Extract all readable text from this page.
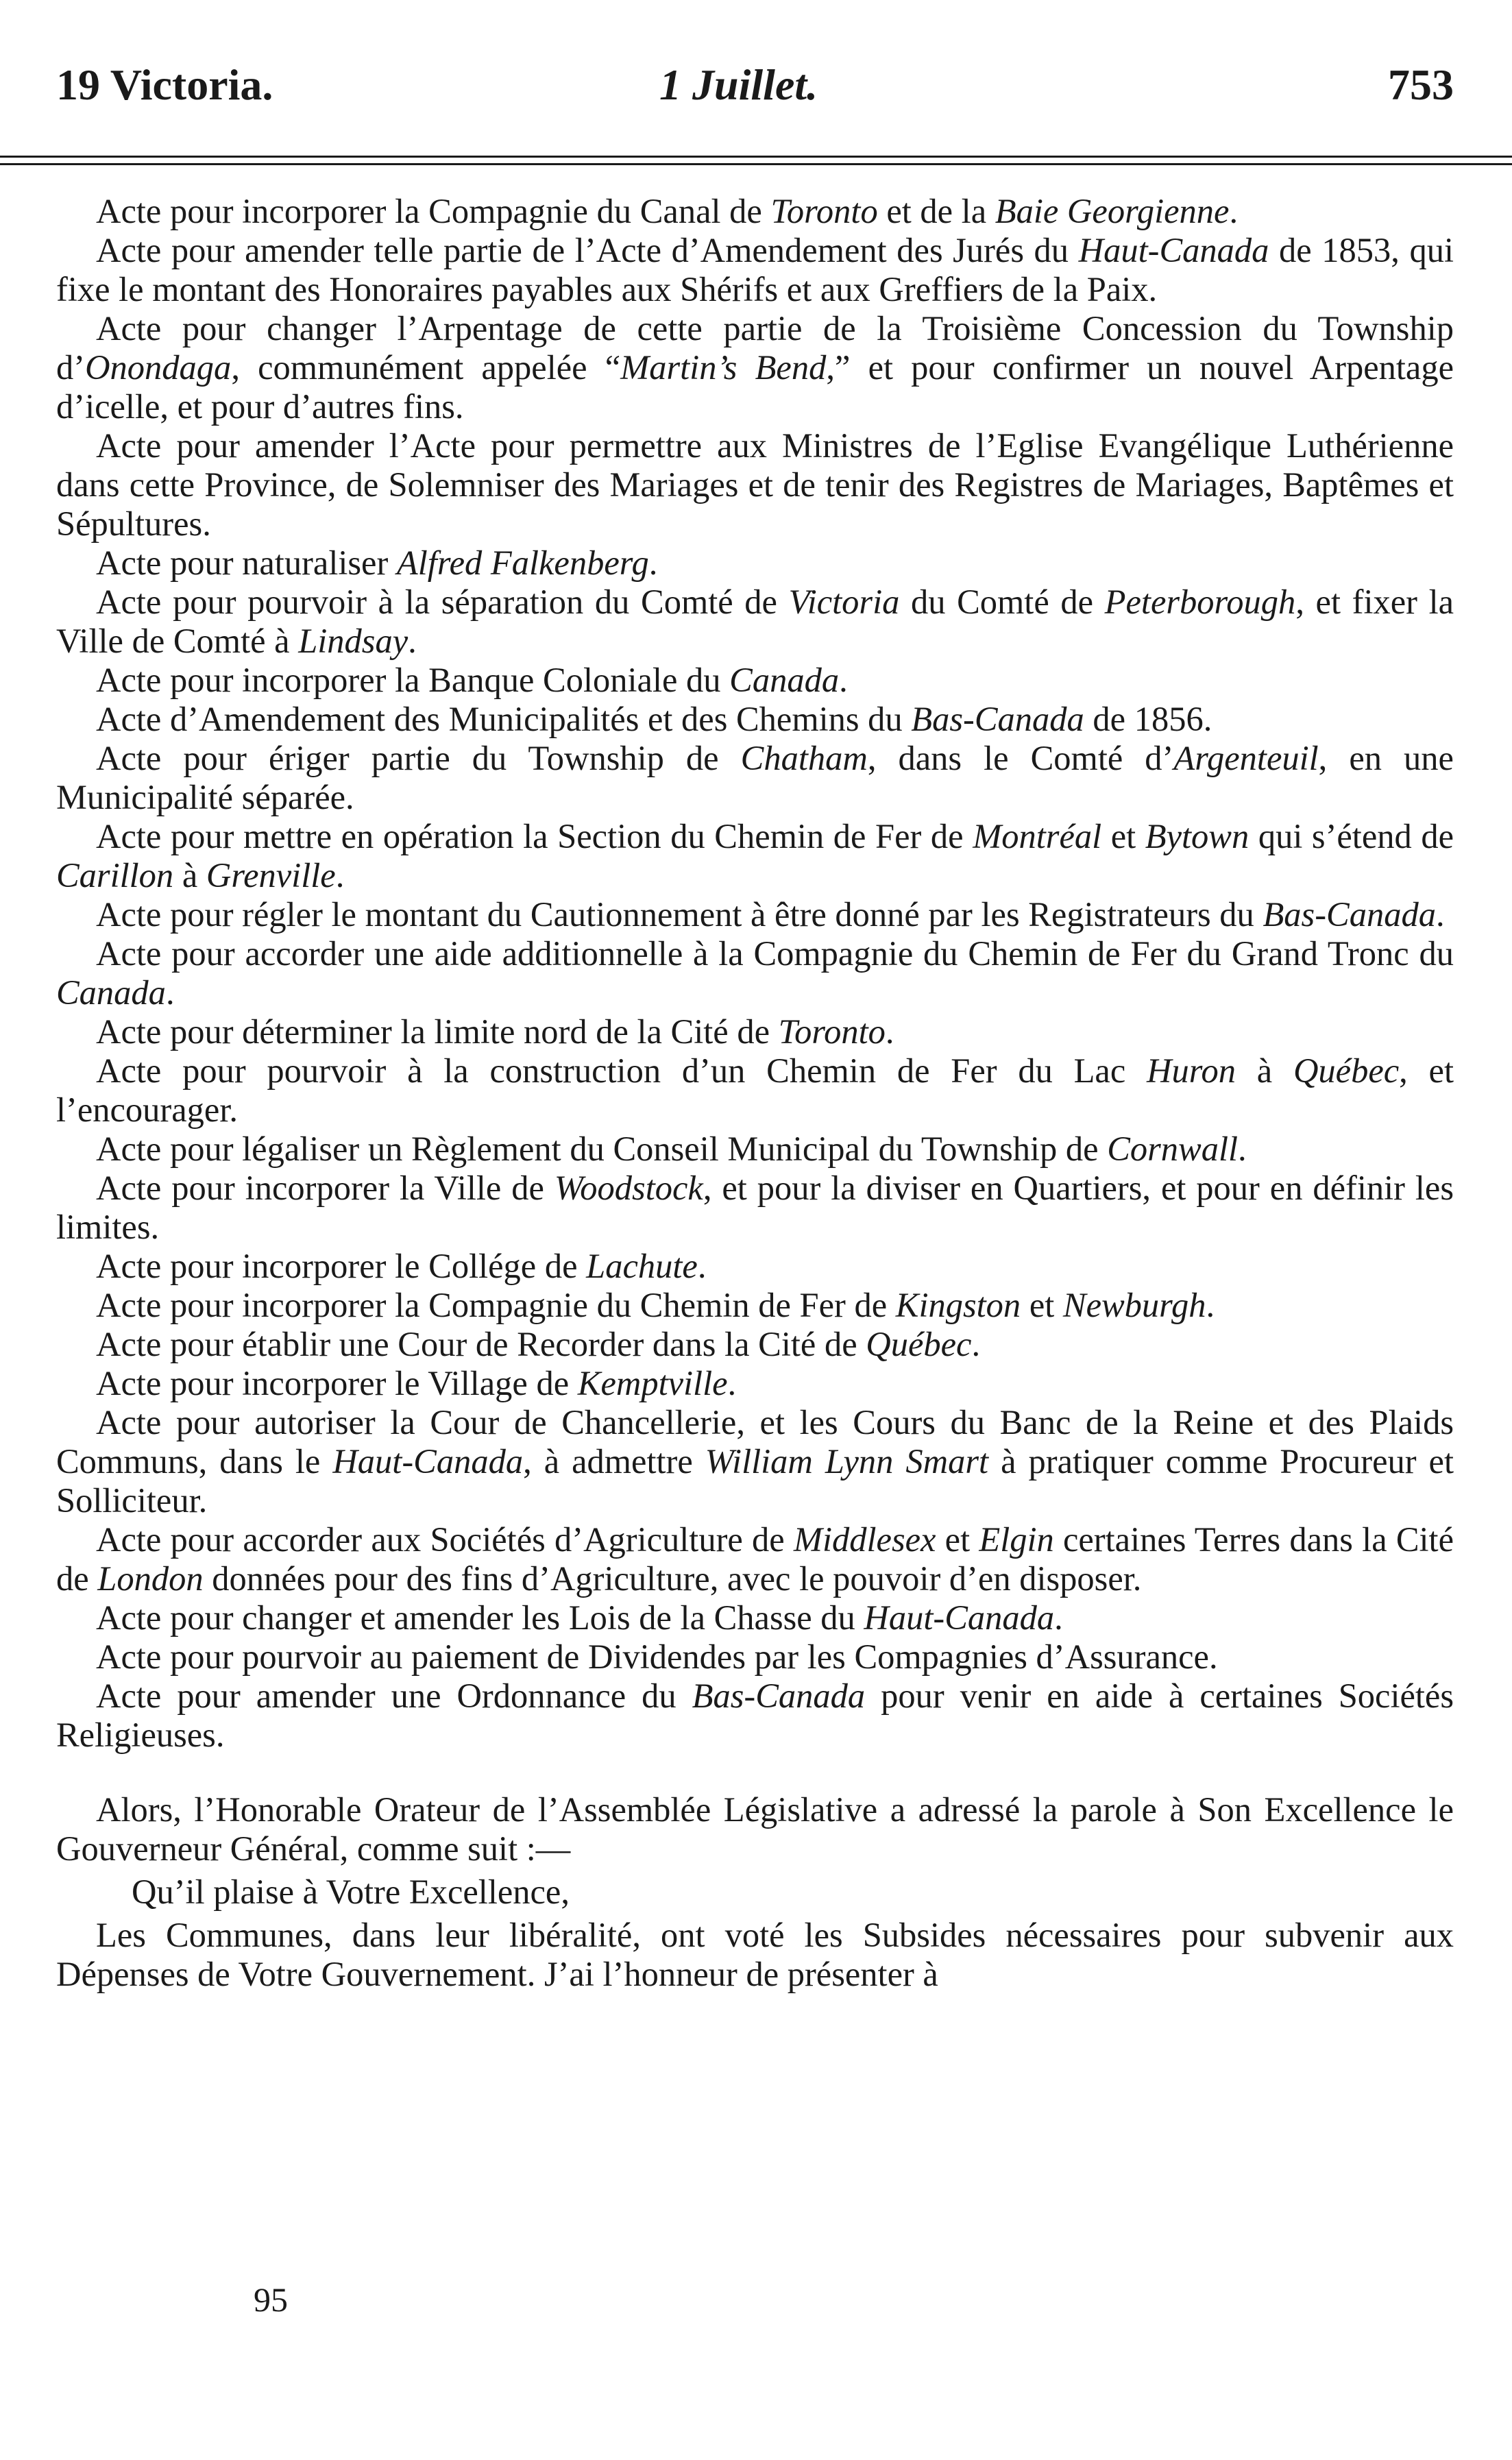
19 Victoria.	1 Juillet.	753

Acte pour incorporer la Compagnie du Canal de Toronto et de la Baie Georgienne.

Acte pour amender telle partie de l’Acte d’Amendement des Jurés du Haut-Canada de 1853, qui fixe le montant des Honoraires payables aux Shérifs et aux Greffiers de la Paix.

Acte pour changer l’Arpentage de cette partie de la Troisième Concession du Township d’Onondaga, communément appelée “Martin’s Bend,” et pour confirmer un nouvel Arpentage d’icelle, et pour d’autres fins.

Acte pour amender l’Acte pour permettre aux Ministres de l’Eglise Evangélique Luthérienne dans cette Province, de Solemniser des Mariages et de tenir des Registres de Mariages, Baptêmes et Sépultures.

Acte pour naturaliser Alfred Falkenberg.

Acte pour pourvoir à la séparation du Comté de Victoria du Comté de Peterborough, et fixer la Ville de Comté à Lindsay.

Acte pour incorporer la Banque Coloniale du Canada.

Acte d’Amendement des Municipalités et des Chemins du Bas-Canada de 1856.

Acte pour ériger partie du Township de Chatham, dans le Comté d’Argenteuil, en une Municipalité séparée.

Acte pour mettre en opération la Section du Chemin de Fer de Montréal et Bytown qui s’étend de Carillon à Grenville.

Acte pour régler le montant du Cautionnement à être donné par les Registrateurs du Bas-Canada.

Acte pour accorder une aide additionnelle à la Compagnie du Chemin de Fer du Grand Tronc du Canada.

Acte pour déterminer la limite nord de la Cité de Toronto.

Acte pour pourvoir à la construction d’un Chemin de Fer du Lac Huron à Québec, et l’encourager.

Acte pour légaliser un Règlement du Conseil Municipal du Township de Cornwall.

Acte pour incorporer la Ville de Woodstock, et pour la diviser en Quartiers, et pour en définir les limites.

Acte pour incorporer le Collége de Lachute.

Acte pour incorporer la Compagnie du Chemin de Fer de Kingston et Newburgh.

Acte pour établir une Cour de Recorder dans la Cité de Québec.

Acte pour incorporer le Village de Kemptville.

Acte pour autoriser la Cour de Chancellerie, et les Cours du Banc de la Reine et des Plaids Communs, dans le Haut-Canada, à admettre William Lynn Smart à pratiquer comme Procureur et Solliciteur.

Acte pour accorder aux Sociétés d’Agriculture de Middlesex et Elgin certaines Terres dans la Cité de London données pour des fins d’Agriculture, avec le pouvoir d’en disposer.

Acte pour changer et amender les Lois de la Chasse du Haut-Canada.

Acte pour pourvoir au paiement de Dividendes par les Compagnies d’Assurance.

Acte pour amender une Ordonnance du Bas-Canada pour venir en aide à certaines Sociétés Religieuses.

Alors, l’Honorable Orateur de l’Assemblée Législative a adressé la parole à Son Excellence le Gouverneur Général, comme suit :—

Qu’il plaise à Votre Excellence,

Les Communes, dans leur libéralité, ont voté les Subsides nécessaires pour subvenir aux Dépenses de Votre Gouvernement. J’ai l’honneur de présenter à

95
